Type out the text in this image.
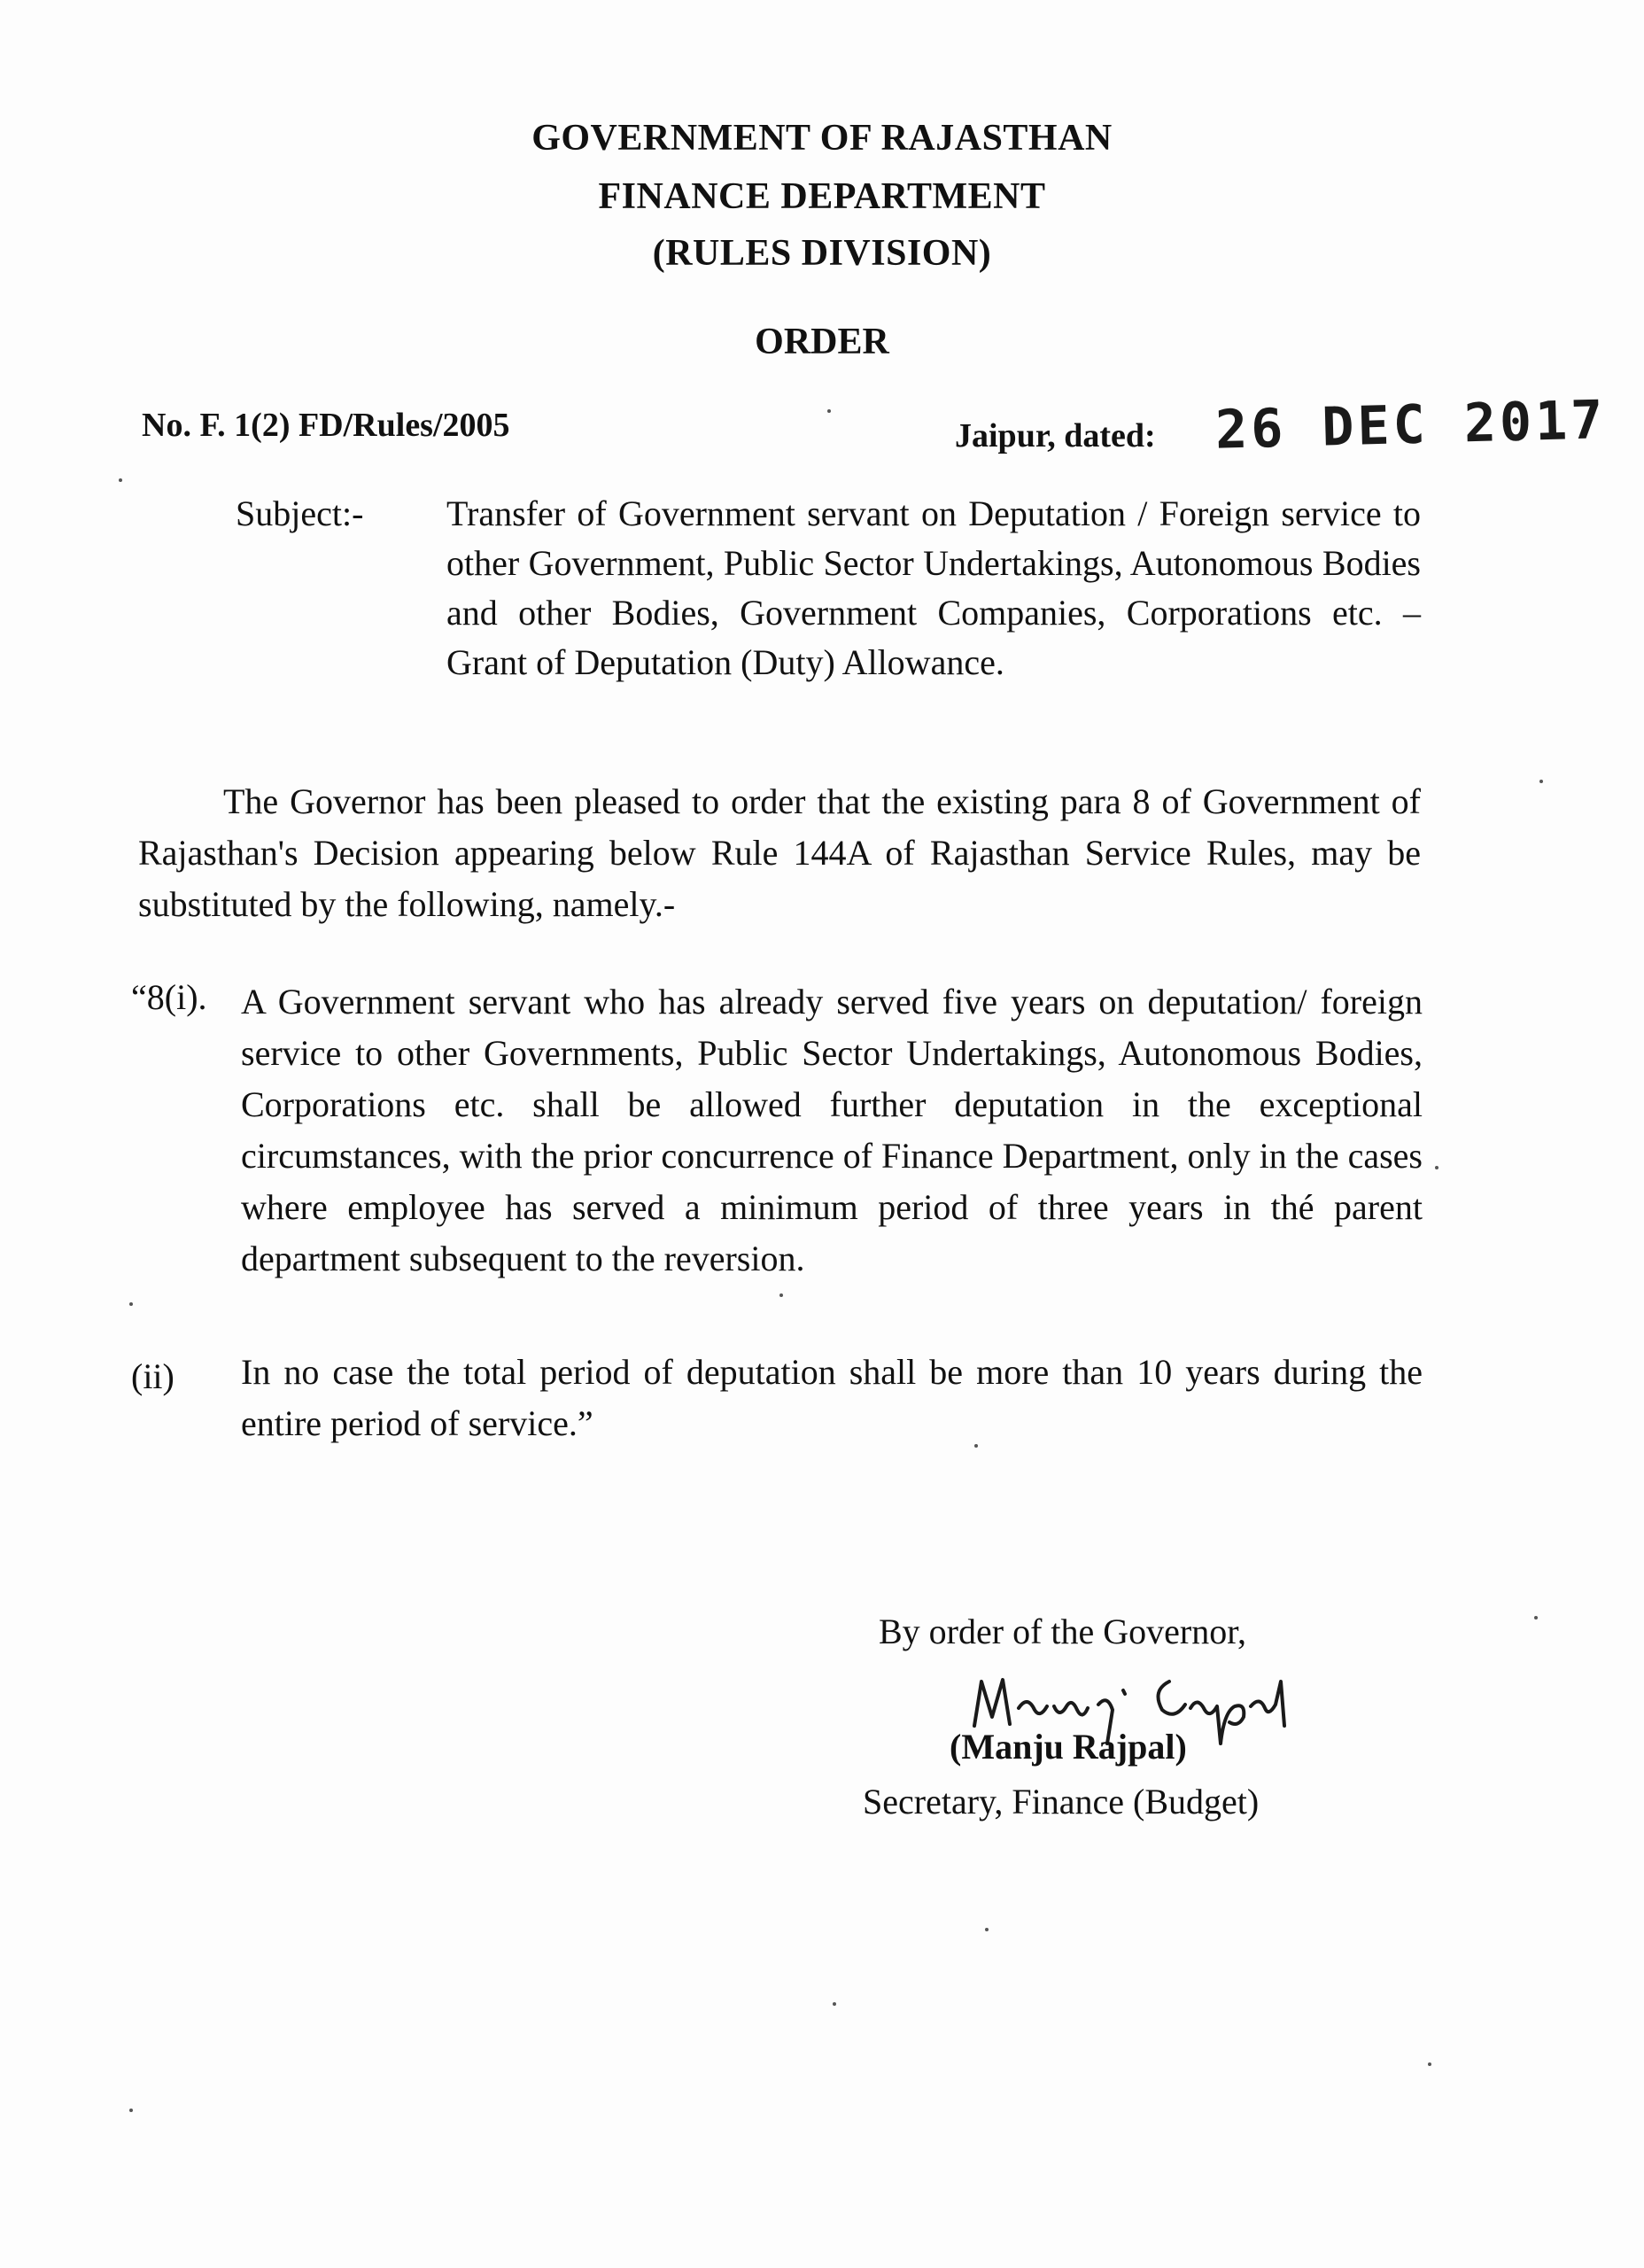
GOVERNMENT OF RAJASTHAN
FINANCE DEPARTMENT
(RULES DIVISION)
ORDER
No. F. 1(2) FD/Rules/2005	Jaipur, dated: 26 DEC 2017
Subject:- Transfer of Government servant on Deputation / Foreign service to other Government, Public Sector Undertakings, Autonomous Bodies and other Bodies, Government Companies, Corporations etc. – Grant of Deputation (Duty) Allowance.
The Governor has been pleased to order that the existing para 8 of Government of Rajasthan's Decision appearing below Rule 144A of Rajasthan Service Rules, may be substituted by the following, namely.-
“8(i). A Government servant who has already served five years on deputation/ foreign service to other Governments, Public Sector Undertakings, Autonomous Bodies, Corporations etc. shall be allowed further deputation in the exceptional circumstances, with the prior concurrence of Finance Department, only in the cases where employee has served a minimum period of three years in thé parent department subsequent to the reversion.
(ii) In no case the total period of deputation shall be more than 10 years during the entire period of service.”
By order of the Governor,
(Manju Rajpal)
Secretary, Finance (Budget)
